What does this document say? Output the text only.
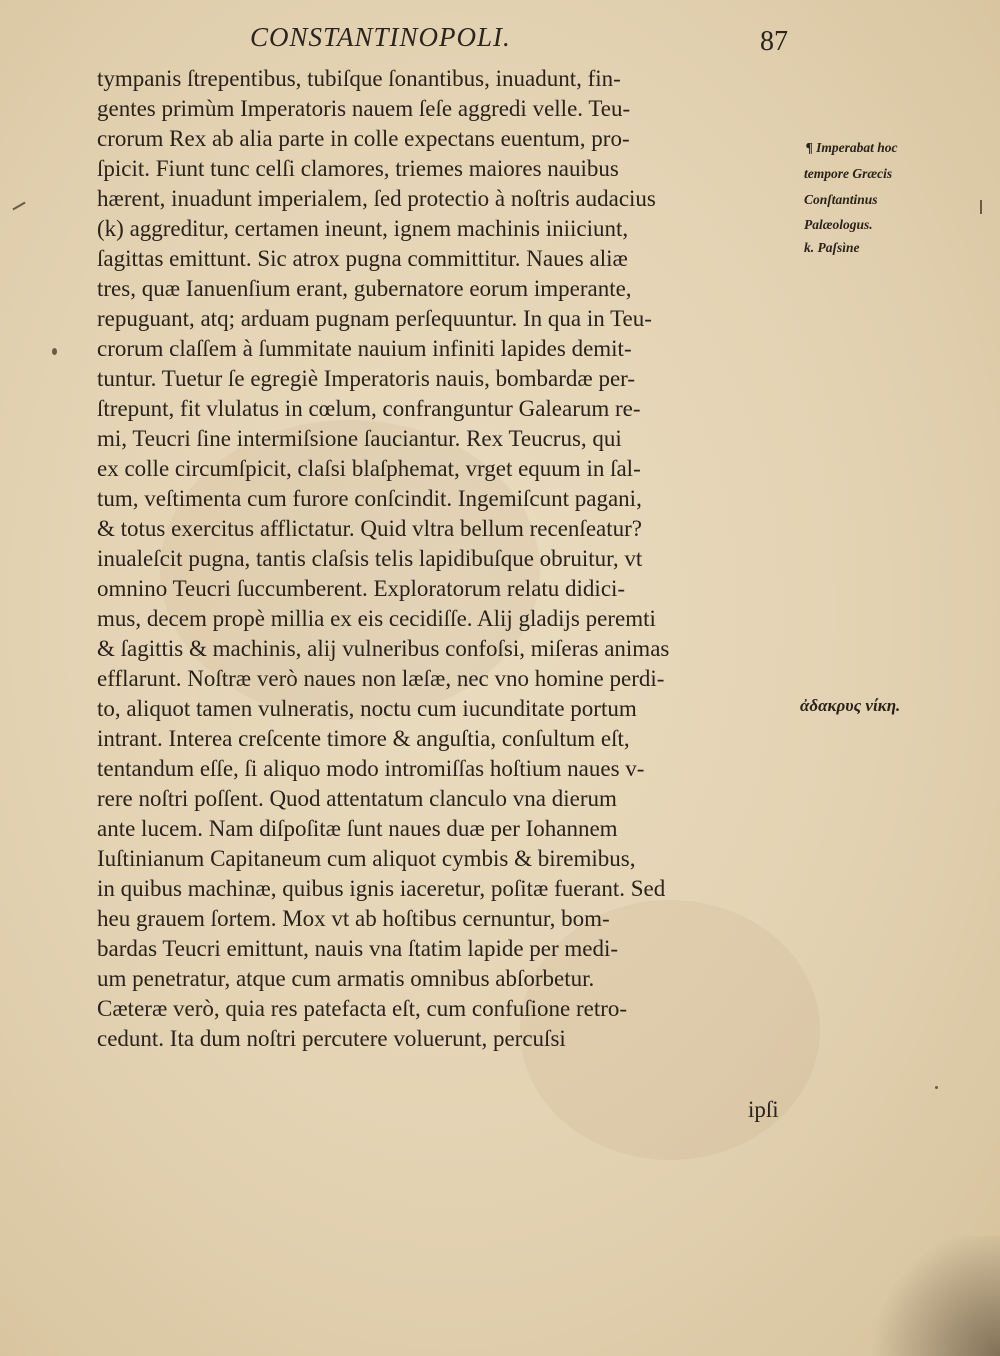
CONSTANTINOPOLI.	87
tympanis ſtrepentibus, tubiſque ſonantibus, inuadunt, fin-
gentes primùm Imperatoris nauem ſeſe aggredi velle. Teu-
crorum Rex ab alia parte in colle expectans euentum, pro-
ſpicit. Fiunt tunc celſi clamores, triemes maiores nauibus
hærent, inuadunt imperialem, ſed protectio à noſtris audacius
(k) aggreditur, certamen ineunt, ignem machinis iniiciunt,
ſagittas emittunt. Sic atrox pugna committitur. Naues aliæ
tres, quæ Ianuenſium erant, gubernatore eorum imperante,
repuguant, atq; arduam pugnam perſequuntur. In qua in Teu-
crorum claſſem à ſummitate nauium infiniti lapides demit-
tuntur. Tuetur ſe egregiè Imperatoris nauis, bombardæ per-
ſtrepunt, fit vlulatus in cœlum, confranguntur Galearum re-
mi, Teucri ſine intermiſsione ſauciantur. Rex Teucrus, qui
ex colle circumſpicit, claſsi blaſphemat, vrget equum in ſal-
tum, veſtimenta cum furore conſcindit. Ingemiſcunt pagani,
& totus exercitus afflictatur. Quid vltra bellum recenſeatur?
inualeſcit pugna, tantis claſsis telis lapidibuſque obruitur, vt
omnino Teucri ſuccumberent. Exploratorum relatu didici-
mus, decem propè millia ex eis cecidiſſe. Alij gladijs peremti
& ſagittis & machinis, alij vulneribus confoſsi, miſeras animas
efflarunt. Noſtræ verò naues non læſæ, nec vno homine perdi-
to, aliquot tamen vulneratis, noctu cum iucunditate portum
intrant. Interea creſcente timore & anguſtia, conſultum eſt,
tentandum eſſe, ſi aliquo modo intromiſſas hoſtium naues v-
rere noſtri poſſent. Quod attentatum clanculo vna dierum
ante lucem. Nam diſpoſitæ ſunt naues duæ per Iohannem
Iuſtinianum Capitaneum cum aliquot cymbis & biremibus,
in quibus machinæ, quibus ignis iaceretur, poſitæ fuerant. Sed
heu grauem ſortem. Mox vt ab hoſtibus cernuntur, bom-
bardas Teucri emittunt, nauis vna ſtatim lapide per medi-
um penetratur, atque cum armatis omnibus abſorbetur.
Cæteræ verò, quia res patefacta eſt, cum confuſione retro-
cedunt. Ita dum noſtri percutere voluerunt, percuſsi
¶ Imperabat hoc
tempore Græcis
Conſtantinus
Palæologus.
k. Paſsìne
ἀδακρυς νίκη.
ipſi
